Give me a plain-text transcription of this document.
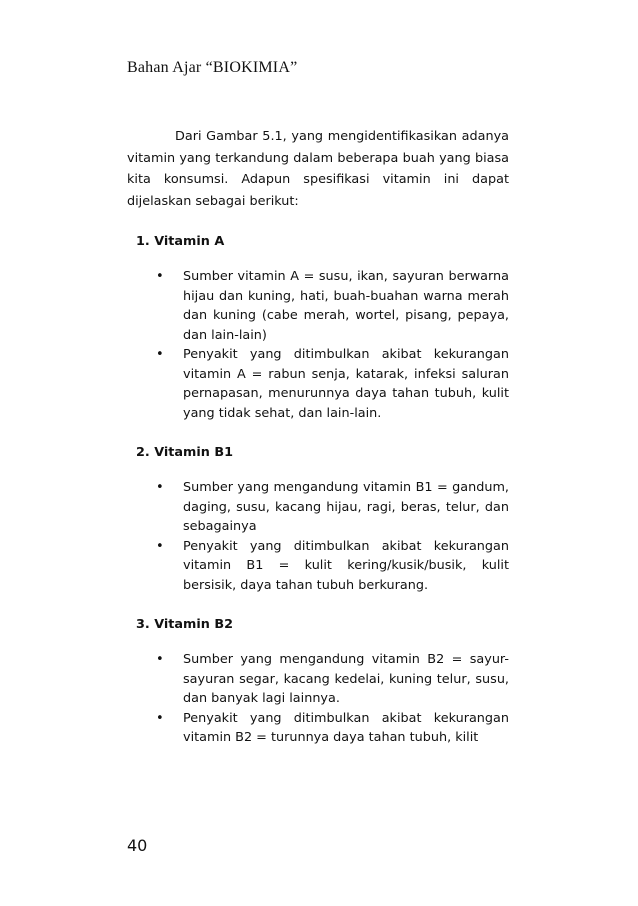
Bahan Ajar “BIOKIMIA”

Dari Gambar 5.1, yang mengidentifikasikan adanya vitamin yang terkandung dalam beberapa buah yang biasa kita konsumsi. Adapun spesifikasi vitamin ini dapat dijelaskan sebagai berikut:

1. Vitamin A

• Sumber vitamin A = susu, ikan, sayuran berwarna hijau dan kuning, hati, buah-buahan warna merah dan kuning (cabe merah, wortel, pisang, pepaya, dan lain-lain)
• Penyakit yang ditimbulkan akibat kekurangan vitamin A = rabun senja, katarak, infeksi saluran pernapasan, menurunnya daya tahan tubuh, kulit yang tidak sehat, dan lain-lain.

2. Vitamin B1

• Sumber yang mengandung vitamin B1 = gandum, daging, susu, kacang hijau, ragi, beras, telur, dan sebagainya
• Penyakit yang ditimbulkan akibat kekurangan vitamin B1 = kulit kering/kusik/busik, kulit bersisik, daya tahan tubuh berkurang.

3. Vitamin B2

• Sumber yang mengandung vitamin B2 = sayur-sayuran segar, kacang kedelai, kuning telur, susu, dan banyak lagi lainnya.
• Penyakit yang ditimbulkan akibat kekurangan vitamin B2 = turunnya daya tahan tubuh, kilit
40
